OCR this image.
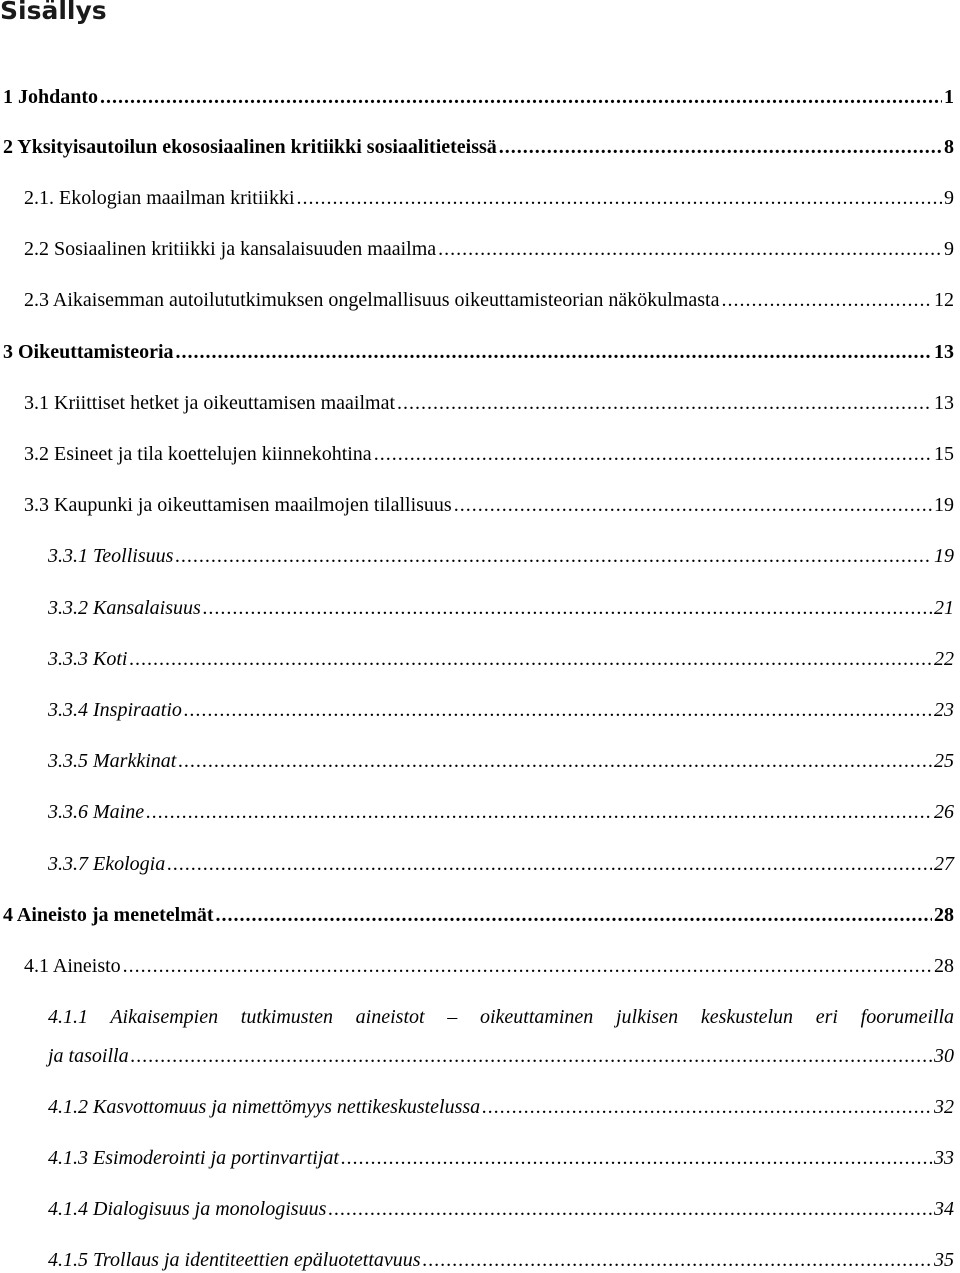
Sisällys
1 Johdanto .....	1
2 Yksityisautoilun ekososiaalinen kritiikki sosiaalitieteissä .....	8
2.1. Ekologian maailman kritiikki .....	9
2.2 Sosiaalinen kritiikki ja kansalaisuuden maailma .....	9
2.3 Aikaisemman autoilututkimuksen ongelmallisuus oikeuttamisteorian näkökulmasta .....	12
3 Oikeuttamisteoria .....	13
3.1 Kriittiset hetket ja oikeuttamisen maailmat .....	13
3.2 Esineet ja tila koettelujen kiinnekohtina .....	15
3.3 Kaupunki ja oikeuttamisen maailmojen tilallisuus .....	19
3.3.1 Teollisuus .....	19
3.3.2 Kansalaisuus .....	21
3.3.3 Koti .....	22
3.3.4 Inspiraatio .....	23
3.3.5 Markkinat .....	25
3.3.6 Maine .....	26
3.3.7 Ekologia .....	27
4 Aineisto ja menetelmät .....	28
4.1 Aineisto .....	28
4.1.1 Aikaisempien tutkimusten aineistot – oikeuttaminen julkisen keskustelun eri foorumeilla
ja tasoilla .....	30
4.1.2 Kasvottomuus ja nimettömyys nettikeskustelussa .....	32
4.1.3 Esimoderointi ja portinvartijat .....	33
4.1.4 Dialogisuus ja monologisuus .....	34
4.1.5 Trollaus ja identiteettien epäluotettavuus .....	35
